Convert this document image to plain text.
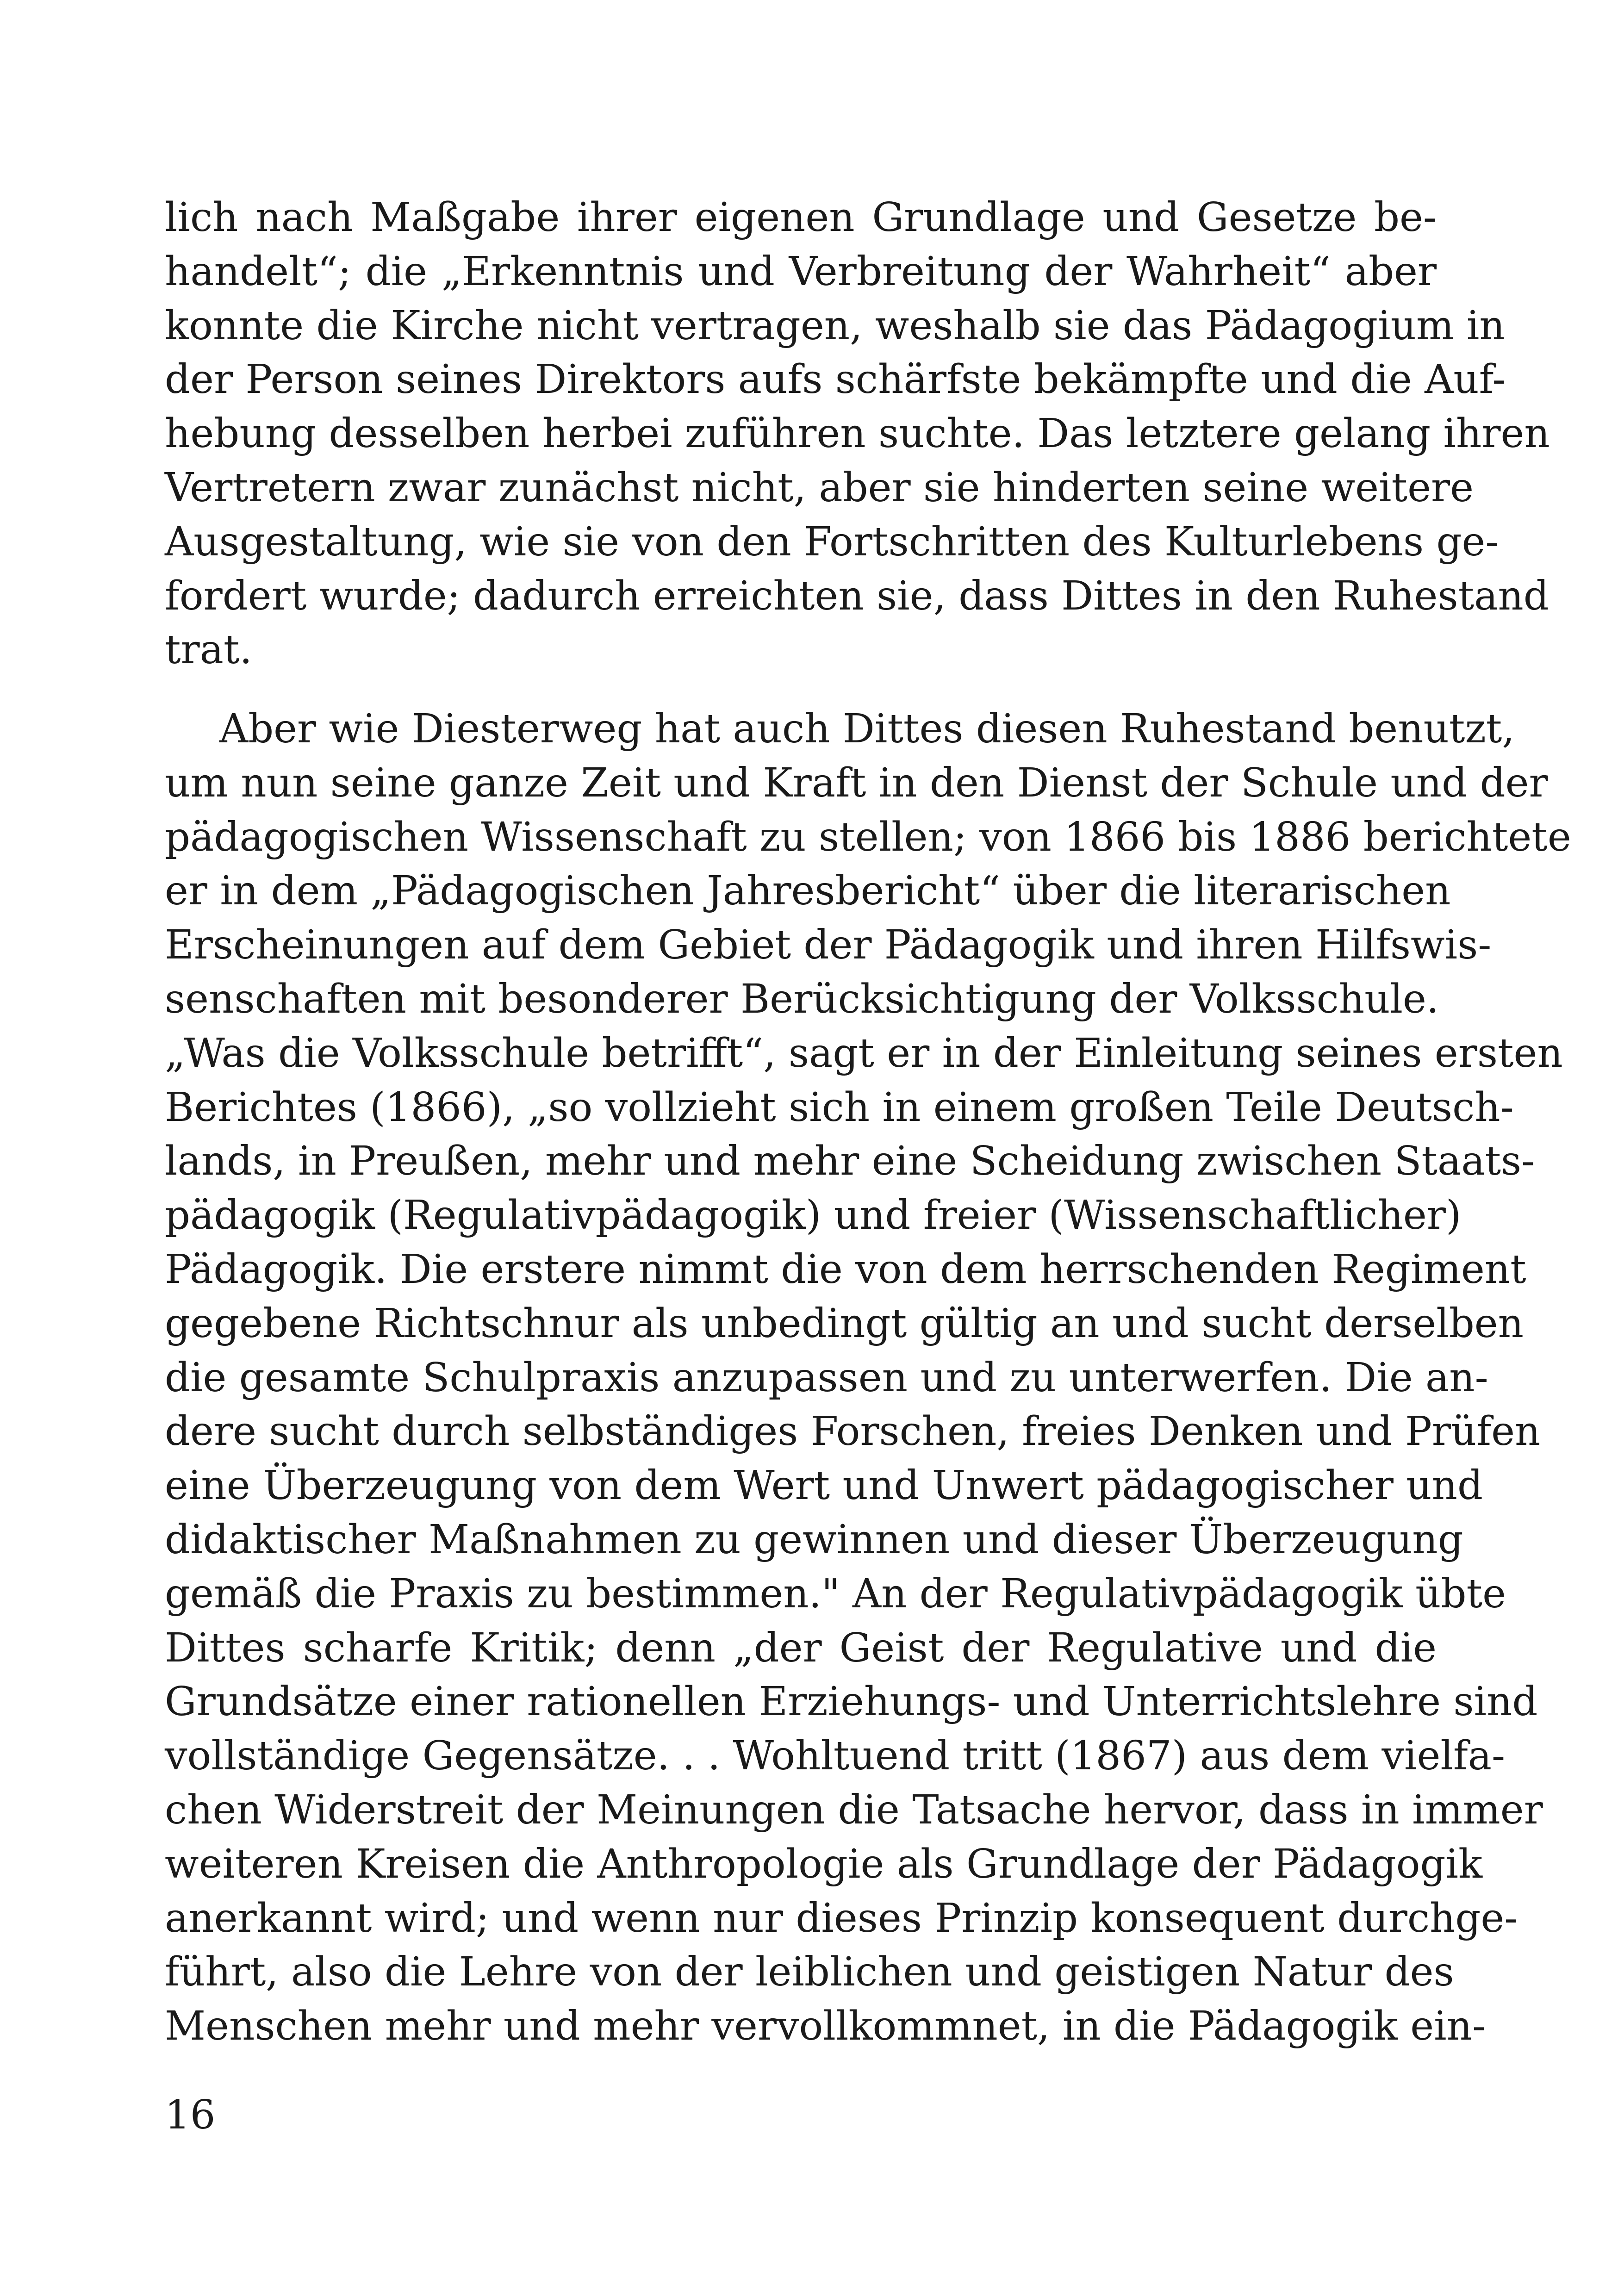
lich nach Maßgabe ihrer eigenen Grundlage und Gesetze be-
handelt“; die „Erkenntnis und Verbreitung der Wahrheit“ aber
konnte die Kirche nicht vertragen, weshalb sie das Pädagogium in
der Person seines Direktors aufs schärfste bekämpfte und die Auf-
hebung desselben herbei zuführen suchte. Das letztere gelang ihren
Vertretern zwar zunächst nicht, aber sie hinderten seine weitere
Ausgestaltung, wie sie von den Fortschritten des Kulturlebens ge-
fordert wurde; dadurch erreichten sie, dass Dittes in den Ruhestand
trat.
Aber wie Diesterweg hat auch Dittes diesen Ruhestand benutzt,
um nun seine ganze Zeit und Kraft in den Dienst der Schule und der
pädagogischen Wissenschaft zu stellen; von 1866 bis 1886 berichtete
er in dem „Pädagogischen Jahresbericht“ über die literarischen
Erscheinungen auf dem Gebiet der Pädagogik und ihren Hilfswis-
senschaften mit besonderer Berücksichtigung der Volksschule.
„Was die Volksschule betrifft“, sagt er in der Einleitung seines ersten
Berichtes (1866), „so vollzieht sich in einem großen Teile Deutsch-
lands, in Preußen, mehr und mehr eine Scheidung zwischen Staats-
pädagogik (Regulativpädagogik) und freier (Wissenschaftlicher)
Pädagogik. Die erstere nimmt die von dem herrschenden Regiment
gegebene Richtschnur als unbedingt gültig an und sucht derselben
die gesamte Schulpraxis anzupassen und zu unterwerfen. Die an-
dere sucht durch selbständiges Forschen, freies Denken und Prüfen
eine Überzeugung von dem Wert und Unwert pädagogischer und
didaktischer Maßnahmen zu gewinnen und dieser Überzeugung
gemäß die Praxis zu bestimmen." An der Regulativpädagogik übte
Dittes scharfe Kritik; denn „der Geist der Regulative und die
Grundsätze einer rationellen Erziehungs- und Unterrichtslehre sind
vollständige Gegensätze. . . Wohltuend tritt (1867) aus dem vielfa-
chen Widerstreit der Meinungen die Tatsache hervor, dass in immer
weiteren Kreisen die Anthropologie als Grundlage der Pädagogik
anerkannt wird; und wenn nur dieses Prinzip konsequent durchge-
führt, also die Lehre von der leiblichen und geistigen Natur des
Menschen mehr und mehr vervollkommnet, in die Pädagogik ein-
16
